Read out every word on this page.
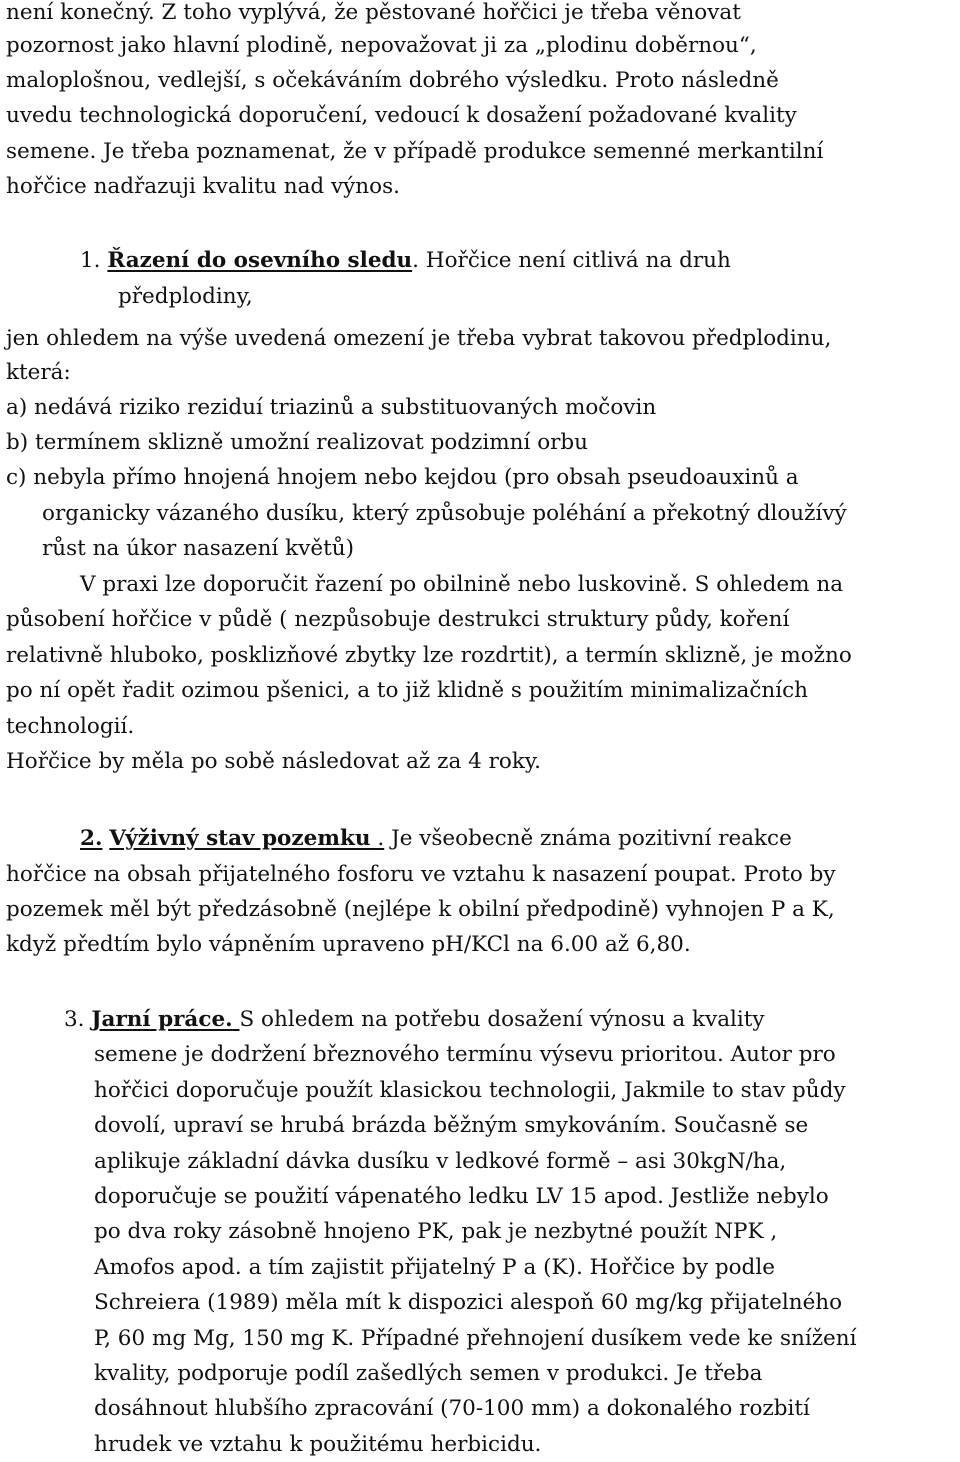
není konečný. Z toho vyplývá, že pěstované hořčici je třeba věnovat

pozornost jako hlavní plodině, nepovažovat ji za „plodinu doběrnou“,

maloplošnou, vedlejší, s očekáváním dobrého výsledku. Proto následně

uvedu technologická doporučení, vedoucí k dosažení požadované kvality

semene. Je třeba poznamenat, že v případě produkce semenné merkantilní

hořčice nadřazuji kvalitu nad výnos.

1. Řazení do osevního sledu. Hořčice není citlivá na druh

předplodiny,

jen ohledem na výše uvedená omezení je třeba vybrat takovou předplodinu,

která:

a) nedává riziko reziduí triazinů a substituovaných močovin

b) termínem sklizně umožní realizovat podzimní orbu

c) nebyla přímo hnojená hnojem nebo kejdou (pro obsah pseudoauxinů a

organicky vázaného dusíku, který způsobuje poléhání a překotný dloužívý

růst na úkor nasazení květů)

V praxi lze doporučit řazení po obilnině nebo luskovině. S ohledem na

působení hořčice v půdě ( nezpůsobuje destrukci struktury půdy, koření

relativně hluboko, posklizňové zbytky lze rozdrtit), a termín sklizně, je možno

po ní opět řadit ozimou pšenici, a to již klidně s použitím minimalizačních

technologií.

Hořčice by měla po sobě následovat až za 4 roky.

2. Výživný stav pozemku . Je všeobecně známa pozitivní reakce

hořčice na obsah přijatelného fosforu ve vztahu k nasazení poupat. Proto by

pozemek měl být předzásobně (nejlépe k obilní předpodině) vyhnojen P a K,

když předtím bylo vápněním upraveno pH/KCl na 6.00 až 6,80.

3. Jarní práce. S ohledem na potřebu dosažení výnosu a kvality

semene je dodržení březnového termínu výsevu prioritou. Autor pro

hořčici doporučuje použít klasickou technologii, Jakmile to stav půdy

dovolí, upraví se hrubá brázda běžným smykováním. Současně se

aplikuje základní dávka dusíku v ledkové formě – asi 30kgN/ha,

doporučuje se použití vápenatého ledku LV 15 apod. Jestliže nebylo

po dva roky zásobně hnojeno PK, pak je nezbytné použít NPK ,

Amofos apod. a tím zajistit přijatelný P a (K). Hořčice by podle

Schreiera (1989) měla mít k dispozici alespoň 60 mg/kg přijatelného

P, 60 mg Mg, 150 mg K. Případné přehnojení dusíkem vede ke snížení

kvality, podporuje podíl zašedlých semen v produkci. Je třeba

dosáhnout hlubšího zpracování (70-100 mm) a dokonalého rozbití

hrudek ve vztahu k použitému herbicidu.
